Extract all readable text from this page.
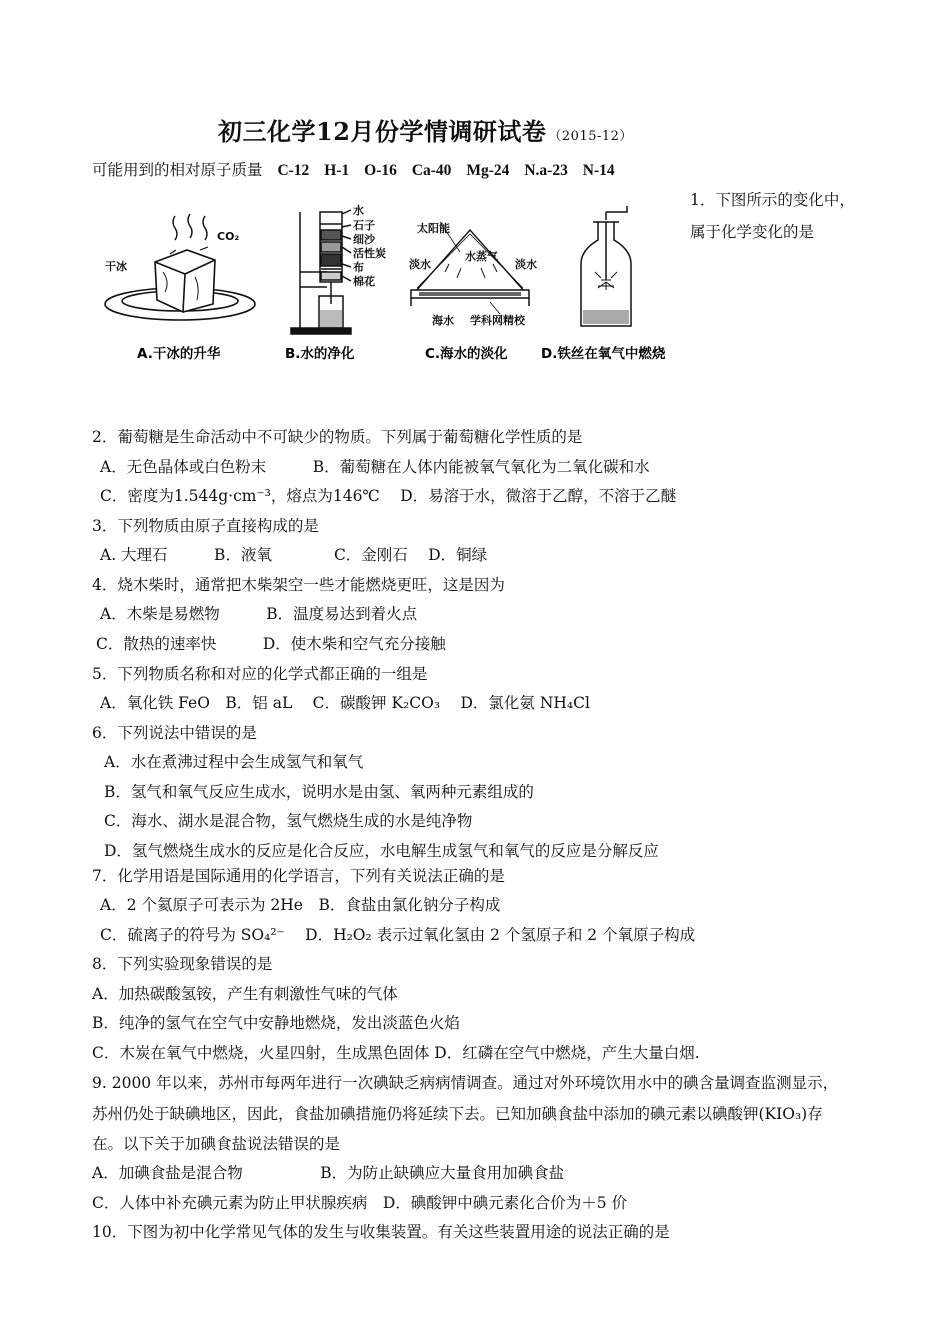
初三化学12月份学情调研试卷 （2015-12）
可能用到的相对原子质量 C-12 H-1 O-16 Ca-40 Mg-24 N.a-23 N-14
1．下图所示的变化中，
属于化学变化的是
干冰
CO₂
水
石子
细沙
活性炭
布
棉花
太阳能
淡水
水蒸气
淡水
海水 学科网精校
A.干冰的升华	B.水的净化	C.海水的淡化 D.铁丝在氧气中燃烧
2．葡萄糖是生命活动中不可缺少的物质。下列属于葡萄糖化学性质的是
A．无色晶体或白色粉末　　　B．葡萄糖在人体内能被氧气氧化为二氧化碳和水
C．密度为1.544g·cm⁻³，熔点为146℃　 D．易溶于水，微溶于乙醇，不溶于乙醚
3．下列物质由原子直接构成的是
A. 大理石　　　B．液氧　　　　C．金刚石　 D．铜绿
4．烧木柴时，通常把木柴架空一些才能燃烧更旺，这是因为
A．木柴是易燃物　　　B．温度易达到着火点
C．散热的速率快　　　D．使木柴和空气充分接触
5．下列物质名称和对应的化学式都正确的一组是
A．氧化铁 FeO　B．铝 aL　 C．碳酸钾 K₂CO₃　 D．氯化氨 NH₄Cl
6．下列说法中错误的是
A．水在煮沸过程中会生成氢气和氧气
B．氢气和氧气反应生成水，说明水是由氢、氧两种元素组成的
C．海水、湖水是混合物，氢气燃烧生成的水是纯净物
D．氢气燃烧生成水的反应是化合反应，水电解生成氢气和氧气的反应是分解反应
7．化学用语是国际通用的化学语言，下列有关说法正确的是
A．2 个氦原子可表示为 2He　B．食盐由氯化钠分子构成
C．硫离子的符号为 SO₄²⁻　 D．H₂O₂ 表示过氧化氢由 2 个氢原子和 2 个氧原子构成
8．下列实验现象错误的是
A．加热碳酸氢铵，产生有刺激性气味的气体
B．纯净的氢气在空气中安静地燃烧，发出淡蓝色火焰
C．木炭在氧气中燃烧，火星四射，生成黑色固体 D．红磷在空气中燃烧，产生大量白烟.
9. 2000 年以来，苏州市每两年进行一次碘缺乏病病情调查。通过对外环境饮用水中的碘含量调查监测显示，
苏州仍处于缺碘地区，因此，食盐加碘措施仍将延续下去。已知加碘食盐中添加的碘元素以碘酸钾(KIO₃)存
在。以下关于加碘食盐说法错误的是
A．加碘食盐是混合物　　　　　B．为防止缺碘应大量食用加碘食盐
C．人体中补充碘元素为防止甲状腺疾病　D．碘酸钾中碘元素化合价为＋5 价
10．下图为初中化学常见气体的发生与收集装置。有关这些装置用途的说法正确的是
